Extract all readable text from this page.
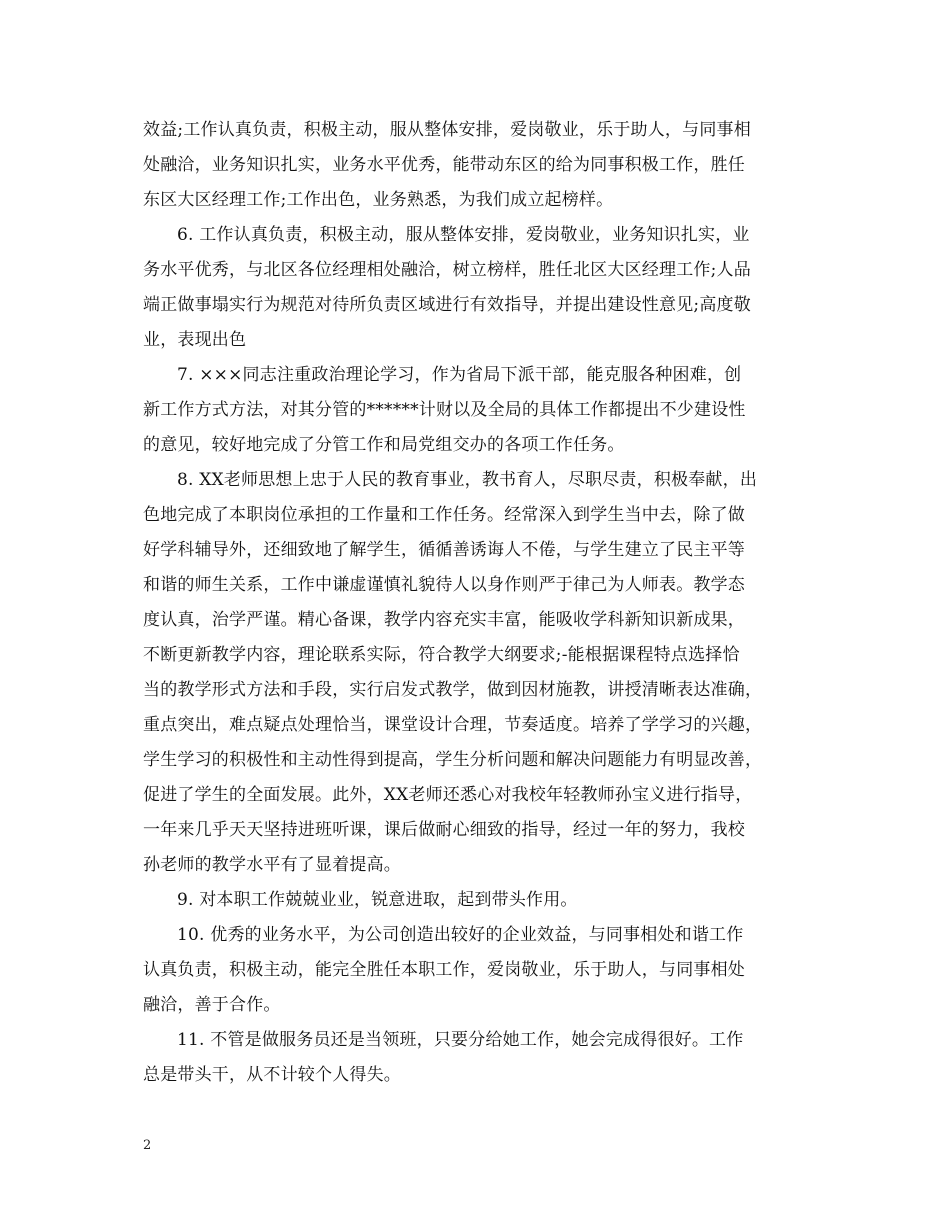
效益;工作认真负责，积极主动，服从整体安排，爱岗敬业，乐于助人，与同事相
处融洽，业务知识扎实，业务水平优秀，能带动东区的给为同事积极工作，胜任
东区大区经理工作;工作出色，业务熟悉，为我们成立起榜样。

6. 工作认真负责，积极主动，服从整体安排，爱岗敬业，业务知识扎实，业
务水平优秀，与北区各位经理相处融洽，树立榜样，胜任北区大区经理工作;人品
端正做事塌实行为规范对待所负责区域进行有效指导，并提出建设性意见;高度敬
业，表现出色

7. ×××同志注重政治理论学习，作为省局下派干部，能克服各种困难，创
新工作方式方法，对其分管的******计财以及全局的具体工作都提出不少建设性
的意见，较好地完成了分管工作和局党组交办的各项工作任务。

8. XX老师思想上忠于人民的教育事业，教书育人，尽职尽责，积极奉献，出
色地完成了本职岗位承担的工作量和工作任务。经常深入到学生当中去，除了做
好学科辅导外，还细致地了解学生，循循善诱诲人不倦，与学生建立了民主平等
和谐的师生关系，工作中谦虚谨慎礼貌待人以身作则严于律己为人师表。教学态
度认真，治学严谨。精心备课，教学内容充实丰富，能吸收学科新知识新成果，
不断更新教学内容，理论联系实际，符合教学大纲要求;-能根据课程特点选择恰
当的教学形式方法和手段，实行启发式教学，做到因材施教，讲授清晰表达准确，
重点突出，难点疑点处理恰当，课堂设计合理，节奏适度。培养了学学习的兴趣，
学生学习的积极性和主动性得到提高，学生分析问题和解决问题能力有明显改善，
促进了学生的全面发展。此外，XX老师还悉心对我校年轻教师孙宝义进行指导，
一年来几乎天天坚持进班听课，课后做耐心细致的指导，经过一年的努力，我校
孙老师的教学水平有了显着提高。

9. 对本职工作兢兢业业，锐意进取，起到带头作用。

10. 优秀的业务水平，为公司创造出较好的企业效益，与同事相处和谐工作
认真负责，积极主动，能完全胜任本职工作，爱岗敬业，乐于助人，与同事相处
融洽，善于合作。

11. 不管是做服务员还是当领班，只要分给她工作，她会完成得很好。工作
总是带头干，从不计较个人得失。

2
